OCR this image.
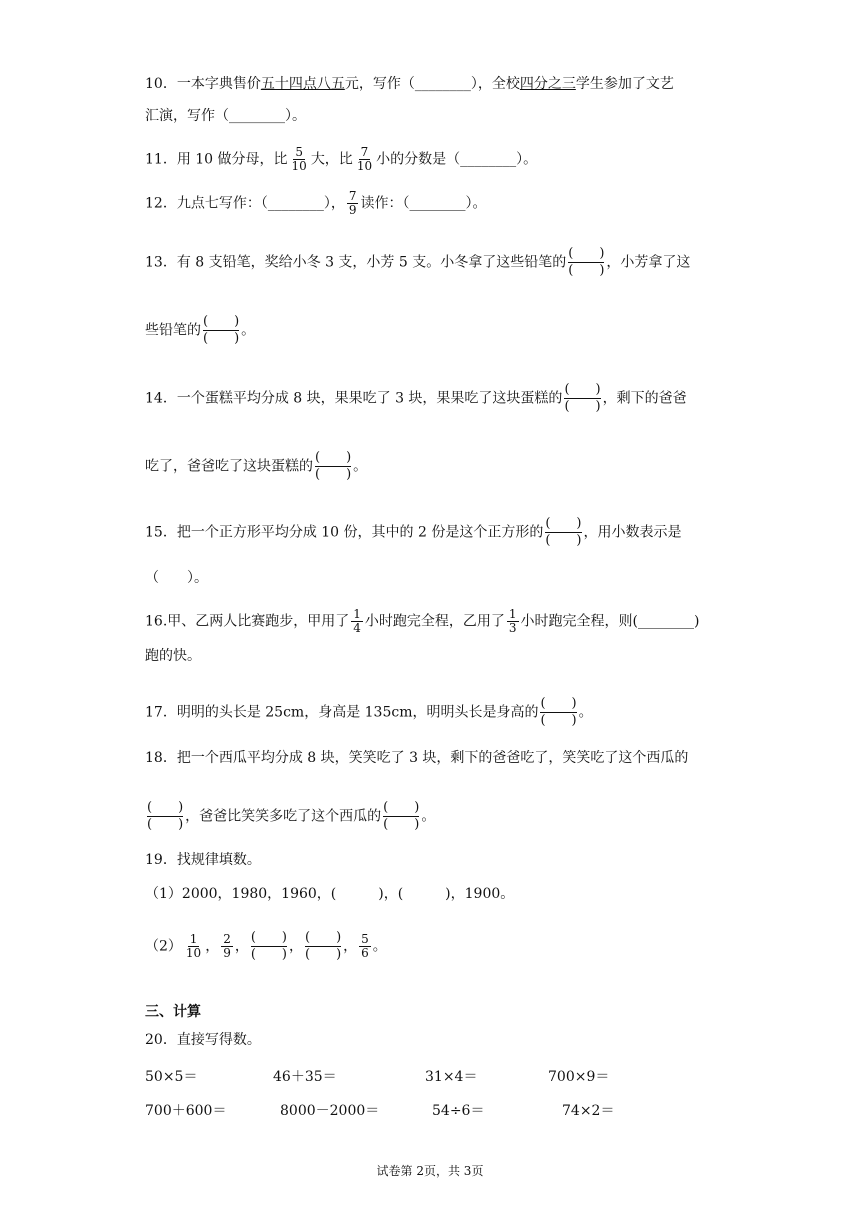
10．一本字典售价五十四点八五元，写作（________），全校四分之三学生参加了文艺
汇演，写作（________）。
11．用 10 做分母，比 $\frac{5}{10}$ 大，比 $\frac{7}{10}$ 小的分数是（________）。
12．九点七写作：（________）， $\frac{7}{9}$ 读作：（________）。
13．有 8 支铅笔，奖给小冬 3 支，小芳 5 支。小冬拿了这些铅笔的
(　　)
(　　) ，小芳拿了这
些铅笔的
(　　)
(　　) 。
14．一个蛋糕平均分成 8 块，果果吃了 3 块，果果吃了这块蛋糕的
(　　)
(　　) ，剩下的爸爸
吃了，爸爸吃了这块蛋糕的
(　　)
(　　) 。
15．把一个正方形平均分成 10 份，其中的 2 份是这个正方形的
(　　)
(　　) ，用小数表示是
（　　）。
16.甲、乙两人比赛跑步，甲用了 $\frac{1}{4}$ 小时跑完全程，乙用了 $\frac{1}{3}$ 小时跑完全程，则(________)
跑的快。
17．明明的头长是 25cm，身高是 135cm，明明头长是身高的
(　　)
(　　) 。
18．把一个西瓜平均分成 8 块，笑笑吃了 3 块，剩下的爸爸吃了，笑笑吃了这个西瓜的
(　　)
(　　) ，爸爸比笑笑多吃了这个西瓜的
(　　)
(　　) 。
19．找规律填数。
（1）2000，1980，1960，(　　　)，(　　　)，1900。
$(2) \frac{1}{10}$ ， $\frac{2}{9}$ ，
(　　)
(　　) ，
(　　)
(　　) ， $\frac{5}{6}$ 。
三、计算
20．直接写得数。
50×5＝	46＋35＝	31×4＝	700×9＝
700＋600＝	8000－2000＝	54÷6＝	74×2＝
试卷第 2页，共 3页
